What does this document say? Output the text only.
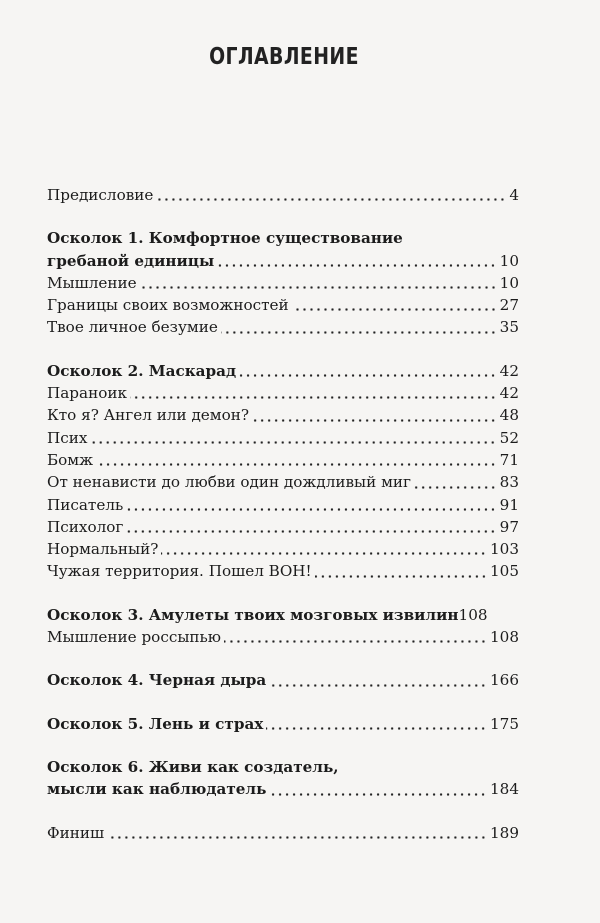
ОГЛАВЛЕНИЕ
Предисловие	4
Осколок 1. Комфортное существование
гребаной единицы	10
Мышление	10
Границы своих возможностей	27
Твое личное безумие	35
Осколок 2. Маскарад	42
Параноик	42
Кто я? Ангел или демон?	48
Псих	52
Бомж	71
От ненависти до любви один дождливый миг	83
Писатель	91
Психолог	97
Нормальный?	103
Чужая территория. Пошел ВОН!	105
Осколок 3. Амулеты твоих мозговых извилин 108
Мышление россыпью	108
Осколок 4. Черная дыра	166
Осколок 5. Лень и страх	175
Осколок 6. Живи как создатель,
мысли как наблюдатель	184
Финиш	189
